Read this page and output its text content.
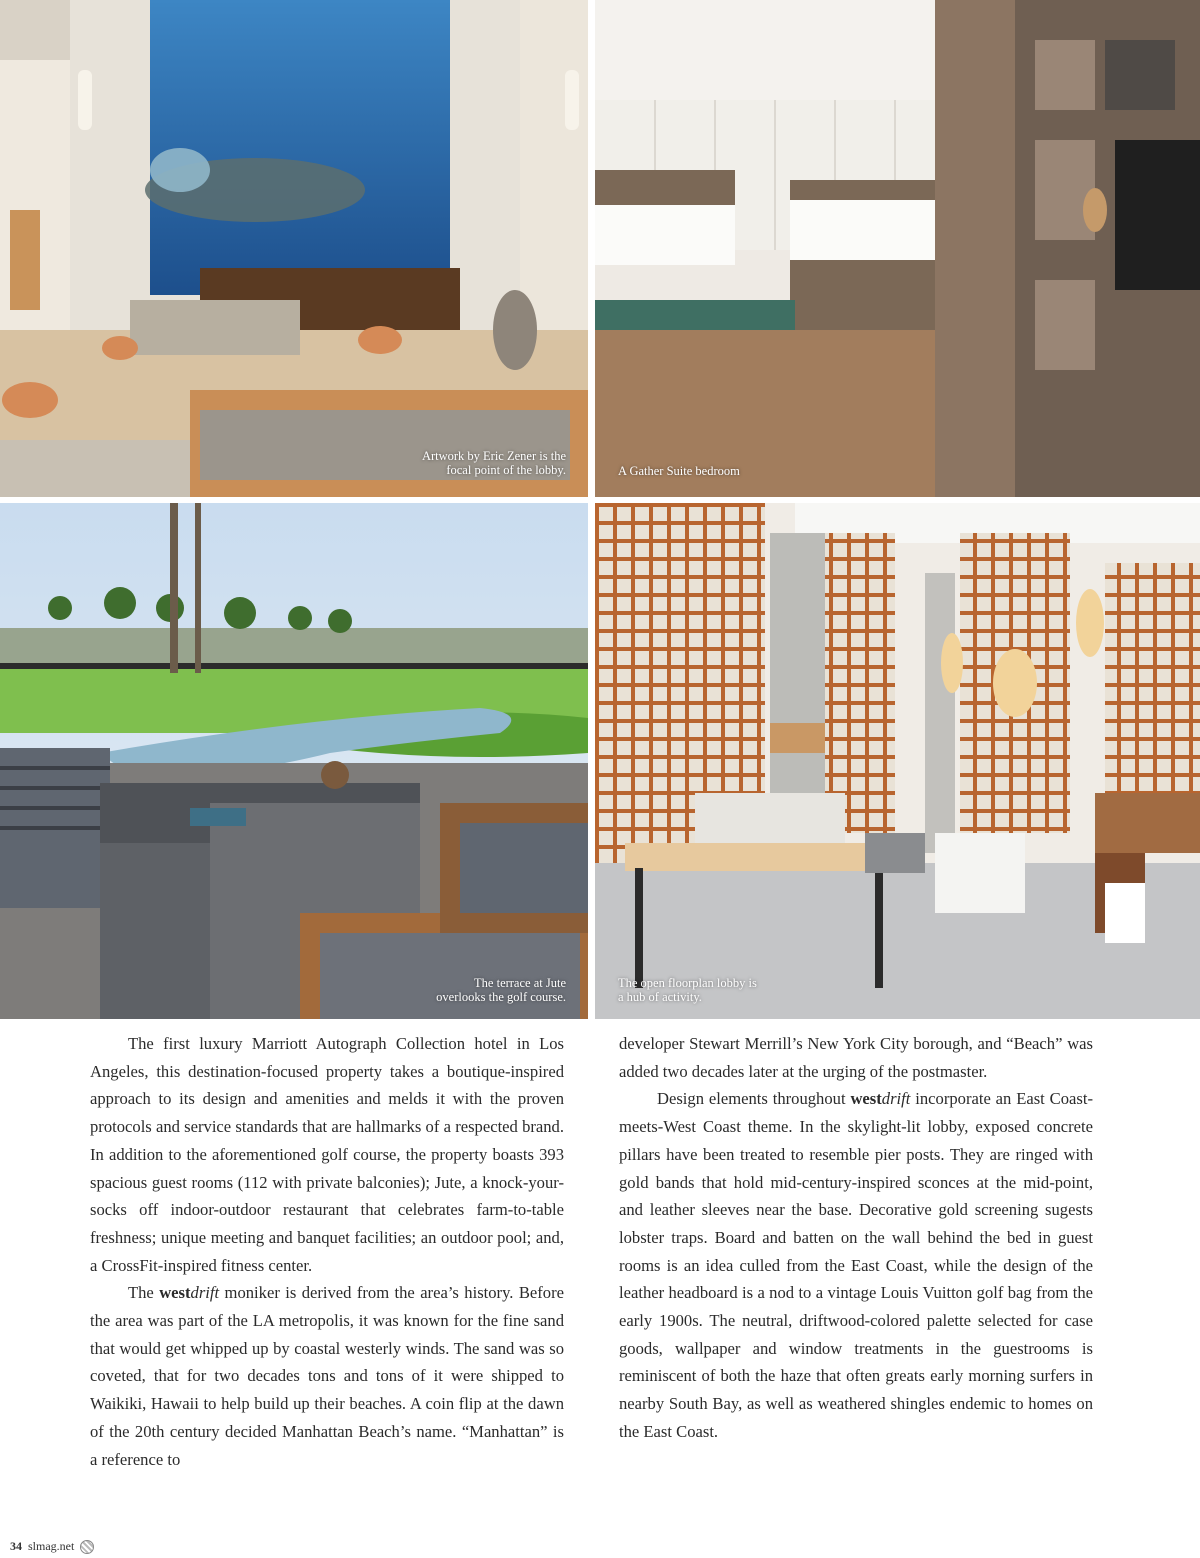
Artwork by Eric Zener is the
focal point of the lobby.	A Gather Suite bedroom
The terrace at Jute
overlooks the golf course.
The open floorplan lobby is
a hub of activity.

The first luxury Marriott Autograph Collection hotel in Los Angeles, this destination-focused property takes a boutique-inspired approach to its design and amenities and melds it with the proven protocols and service standards that are hallmarks of a respected brand. In addition to the aforementioned golf course, the property boasts 393 spacious guest rooms (112 with private balconies); Jute, a knock-your-socks off indoor-outdoor restaurant that celebrates farm-to-table freshness; unique meeting and banquet facilities; an outdoor pool; and, a CrossFit-inspired fitness center.

The westdrift moniker is derived from the area’s history. Before the area was part of the LA metropolis, it was known for the fine sand that would get whipped up by coastal westerly winds. The sand was so coveted, that for two decades tons and tons of it were shipped to Waikiki, Hawaii to help build up their beaches. A coin flip at the dawn of the 20th century decided Manhattan Beach’s name. “Manhattan” is a reference to

developer Stewart Merrill’s New York City borough, and “Beach” was added two decades later at the urging of the postmaster.

Design elements throughout westdrift incorporate an East Coast-meets-West Coast theme. In the skylight-lit lobby, exposed concrete pillars have been treated to resemble pier posts. They are ringed with gold bands that hold mid-century-inspired sconces at the mid-point, and leather sleeves near the base. Decorative gold screening sugests lobster traps. Board and batten on the wall behind the bed in guest rooms is an idea culled from the East Coast, while the design of the leather headboard is a nod to a vintage Louis Vuitton golf bag from the early 1900s. The neutral, driftwood-colored palette selected for case goods, wallpaper and window treatments in the guestrooms is reminiscent of both the haze that often greats early morning surfers in nearby South Bay, as well as weathered shingles endemic to homes on the East Coast.

34 slmag.net
